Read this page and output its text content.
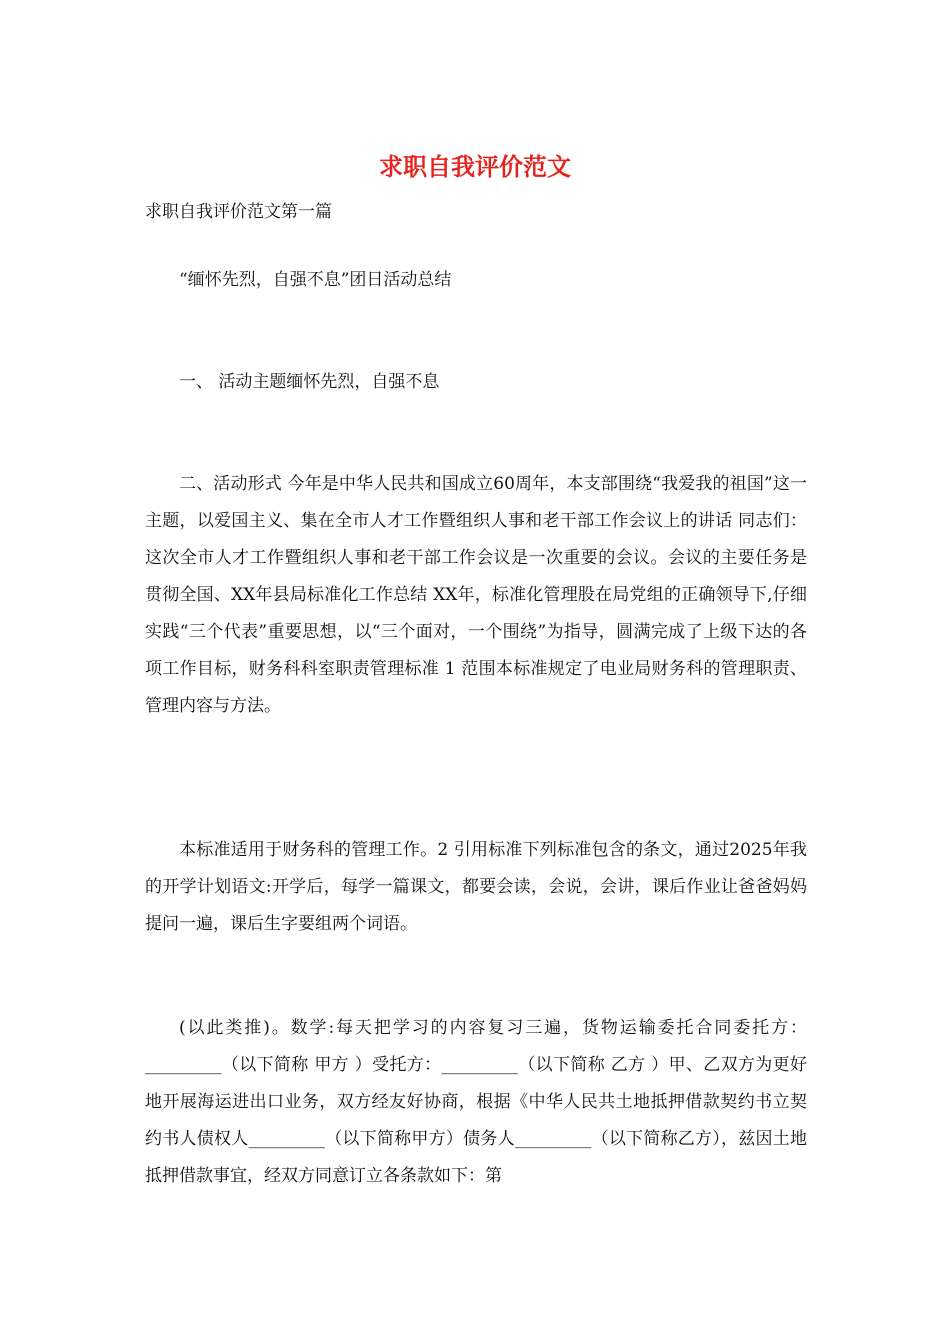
求职自我评价范文
求职自我评价范文第一篇

“缅怀先烈，自强不息”团日活动总结

一、 活动主题缅怀先烈，自强不息

二、活动形式 今年是中华人民共和国成立60周年，本支部围绕“我爱我的祖国”这一主题，以爱国主义、集在全市人才工作暨组织人事和老干部工作会议上的讲话 同志们： 这次全市人才工作暨组织人事和老干部工作会议是一次重要的会议。会议的主要任务是贯彻全国、XX年县局标准化工作总结 XX年，标准化管理股在局党组的正确领导下,仔细实践“三个代表”重要思想，以“三个面对，一个围绕”为指导，圆满完成了上级下达的各项工作目标，财务科科室职责管理标准 1 范围本标准规定了电业局财务科的管理职责、管理内容与方法。

本标准适用于财务科的管理工作。2 引用标准下列标准包含的条文，通过2025年我的开学计划语文:开学后，每学一篇课文，都要会读，会说，会讲，课后作业让爸爸妈妈提问一遍，课后生字要组两个词语。

(以此类推)。数学:每天把学习的内容复习三遍，货物运输委托合同委托方：_________（以下简称 甲方 ）受托方：_________（以下简称 乙方 ）甲、乙双方为更好地开展海运进出口业务，双方经友好协商，根据《中华人民共土地抵押借款契约书立契约书人债权人_________（以下简称甲方）债务人_________（以下简称乙方），兹因土地抵押借款事宜，经双方同意订立各条款如下：第
